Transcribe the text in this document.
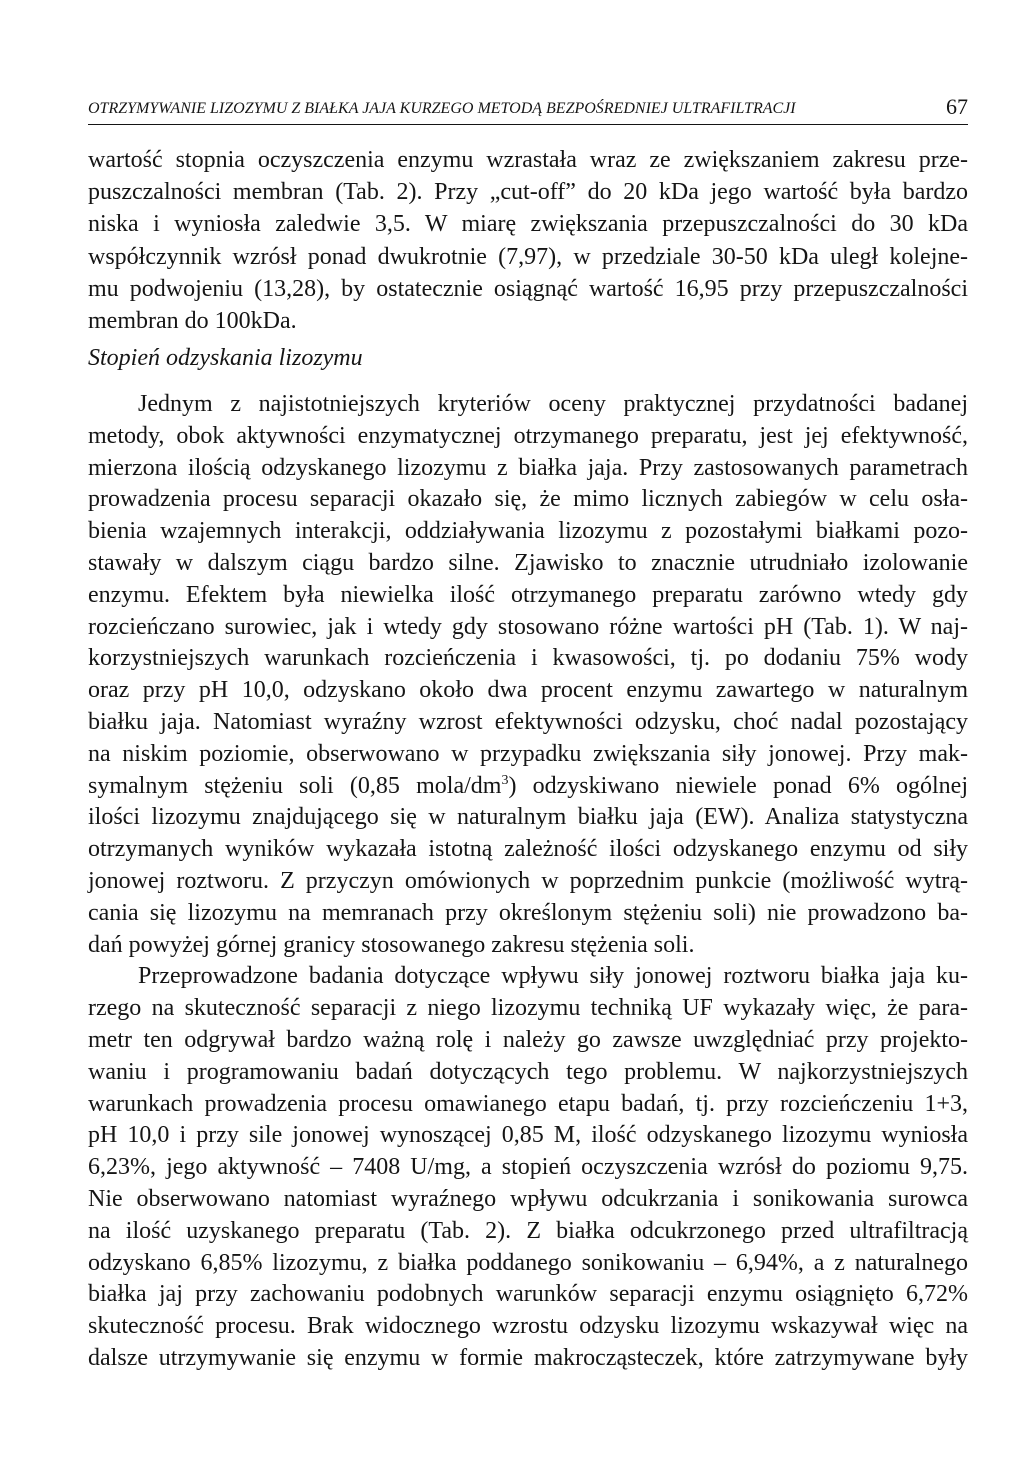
OTRZYMYWANIE LIZOZYMU Z BIAŁKA JAJA KURZEGO METODĄ BEZPOŚREDNIEJ ULTRAFILTRACJI	67
wartość stopnia oczyszczenia enzymu wzrastała wraz ze zwiększaniem zakresu prze-
puszczalności membran (Tab. 2). Przy „cut-off” do 20 kDa jego wartość była bardzo
niska i wyniosła zaledwie 3,5. W miarę zwiększania przepuszczalności do 30 kDa
współczynnik wzrósł ponad dwukrotnie (7,97), w przedziale 30-50 kDa uległ kolejne-
mu podwojeniu (13,28), by ostatecznie osiągnąć wartość 16,95 przy przepuszczalności
membran do 100kDa.
Stopień odzyskania lizozymu
Jednym z najistotniejszych kryteriów oceny praktycznej przydatności badanej
metody, obok aktywności enzymatycznej otrzymanego preparatu, jest jej efektywność,
mierzona ilością odzyskanego lizozymu z białka jaja. Przy zastosowanych parametrach
prowadzenia procesu separacji okazało się, że mimo licznych zabiegów w celu osła-
bienia wzajemnych interakcji, oddziaływania lizozymu z pozostałymi białkami pozo-
stawały w dalszym ciągu bardzo silne. Zjawisko to znacznie utrudniało izolowanie
enzymu. Efektem była niewielka ilość otrzymanego preparatu zarówno wtedy gdy
rozcieńczano surowiec, jak i wtedy gdy stosowano różne wartości pH (Tab. 1). W naj-
korzystniejszych warunkach rozcieńczenia i kwasowości, tj. po dodaniu 75% wody
oraz przy pH 10,0, odzyskano około dwa procent enzymu zawartego w naturalnym
białku jaja. Natomiast wyraźny wzrost efektywności odzysku, choć nadal pozostający
na niskim poziomie, obserwowano w przypadku zwiększania siły jonowej. Przy mak-
symalnym stężeniu soli (0,85 mola/$dm^3$) odzyskiwano niewiele ponad 6% ogólnej
ilości lizozymu znajdującego się w naturalnym białku jaja (EW). Analiza statystyczna
otrzymanych wyników wykazała istotną zależność ilości odzyskanego enzymu od siły
jonowej roztworu. Z przyczyn omówionych w poprzednim punkcie (możliwość wytrą-
cania się lizozymu na memranach przy określonym stężeniu soli) nie prowadzono ba-
dań powyżej górnej granicy stosowanego zakresu stężenia soli.
Przeprowadzone badania dotyczące wpływu siły jonowej roztworu białka jaja ku-
rzego na skuteczność separacji z niego lizozymu techniką UF wykazały więc, że para-
metr ten odgrywał bardzo ważną rolę i należy go zawsze uwzględniać przy projekto-
waniu i programowaniu badań dotyczących tego problemu. W najkorzystniejszych
warunkach prowadzenia procesu omawianego etapu badań, tj. przy rozcieńczeniu 1+3,
pH 10,0 i przy sile jonowej wynoszącej 0,85 M, ilość odzyskanego lizozymu wyniosła
6,23%, jego aktywność – 7408 U/mg, a stopień oczyszczenia wzrósł do poziomu 9,75.
Nie obserwowano natomiast wyraźnego wpływu odcukrzania i sonikowania surowca
na ilość uzyskanego preparatu (Tab. 2). Z białka odcukrzonego przed ultrafiltracją
odzyskano 6,85% lizozymu, z białka poddanego sonikowaniu – 6,94%, a z naturalnego
białka jaj przy zachowaniu podobnych warunków separacji enzymu osiągnięto 6,72%
skuteczność procesu. Brak widocznego wzrostu odzysku lizozymu wskazywał więc na
dalsze utrzymywanie się enzymu w formie makrocząsteczek, które zatrzymywane były
